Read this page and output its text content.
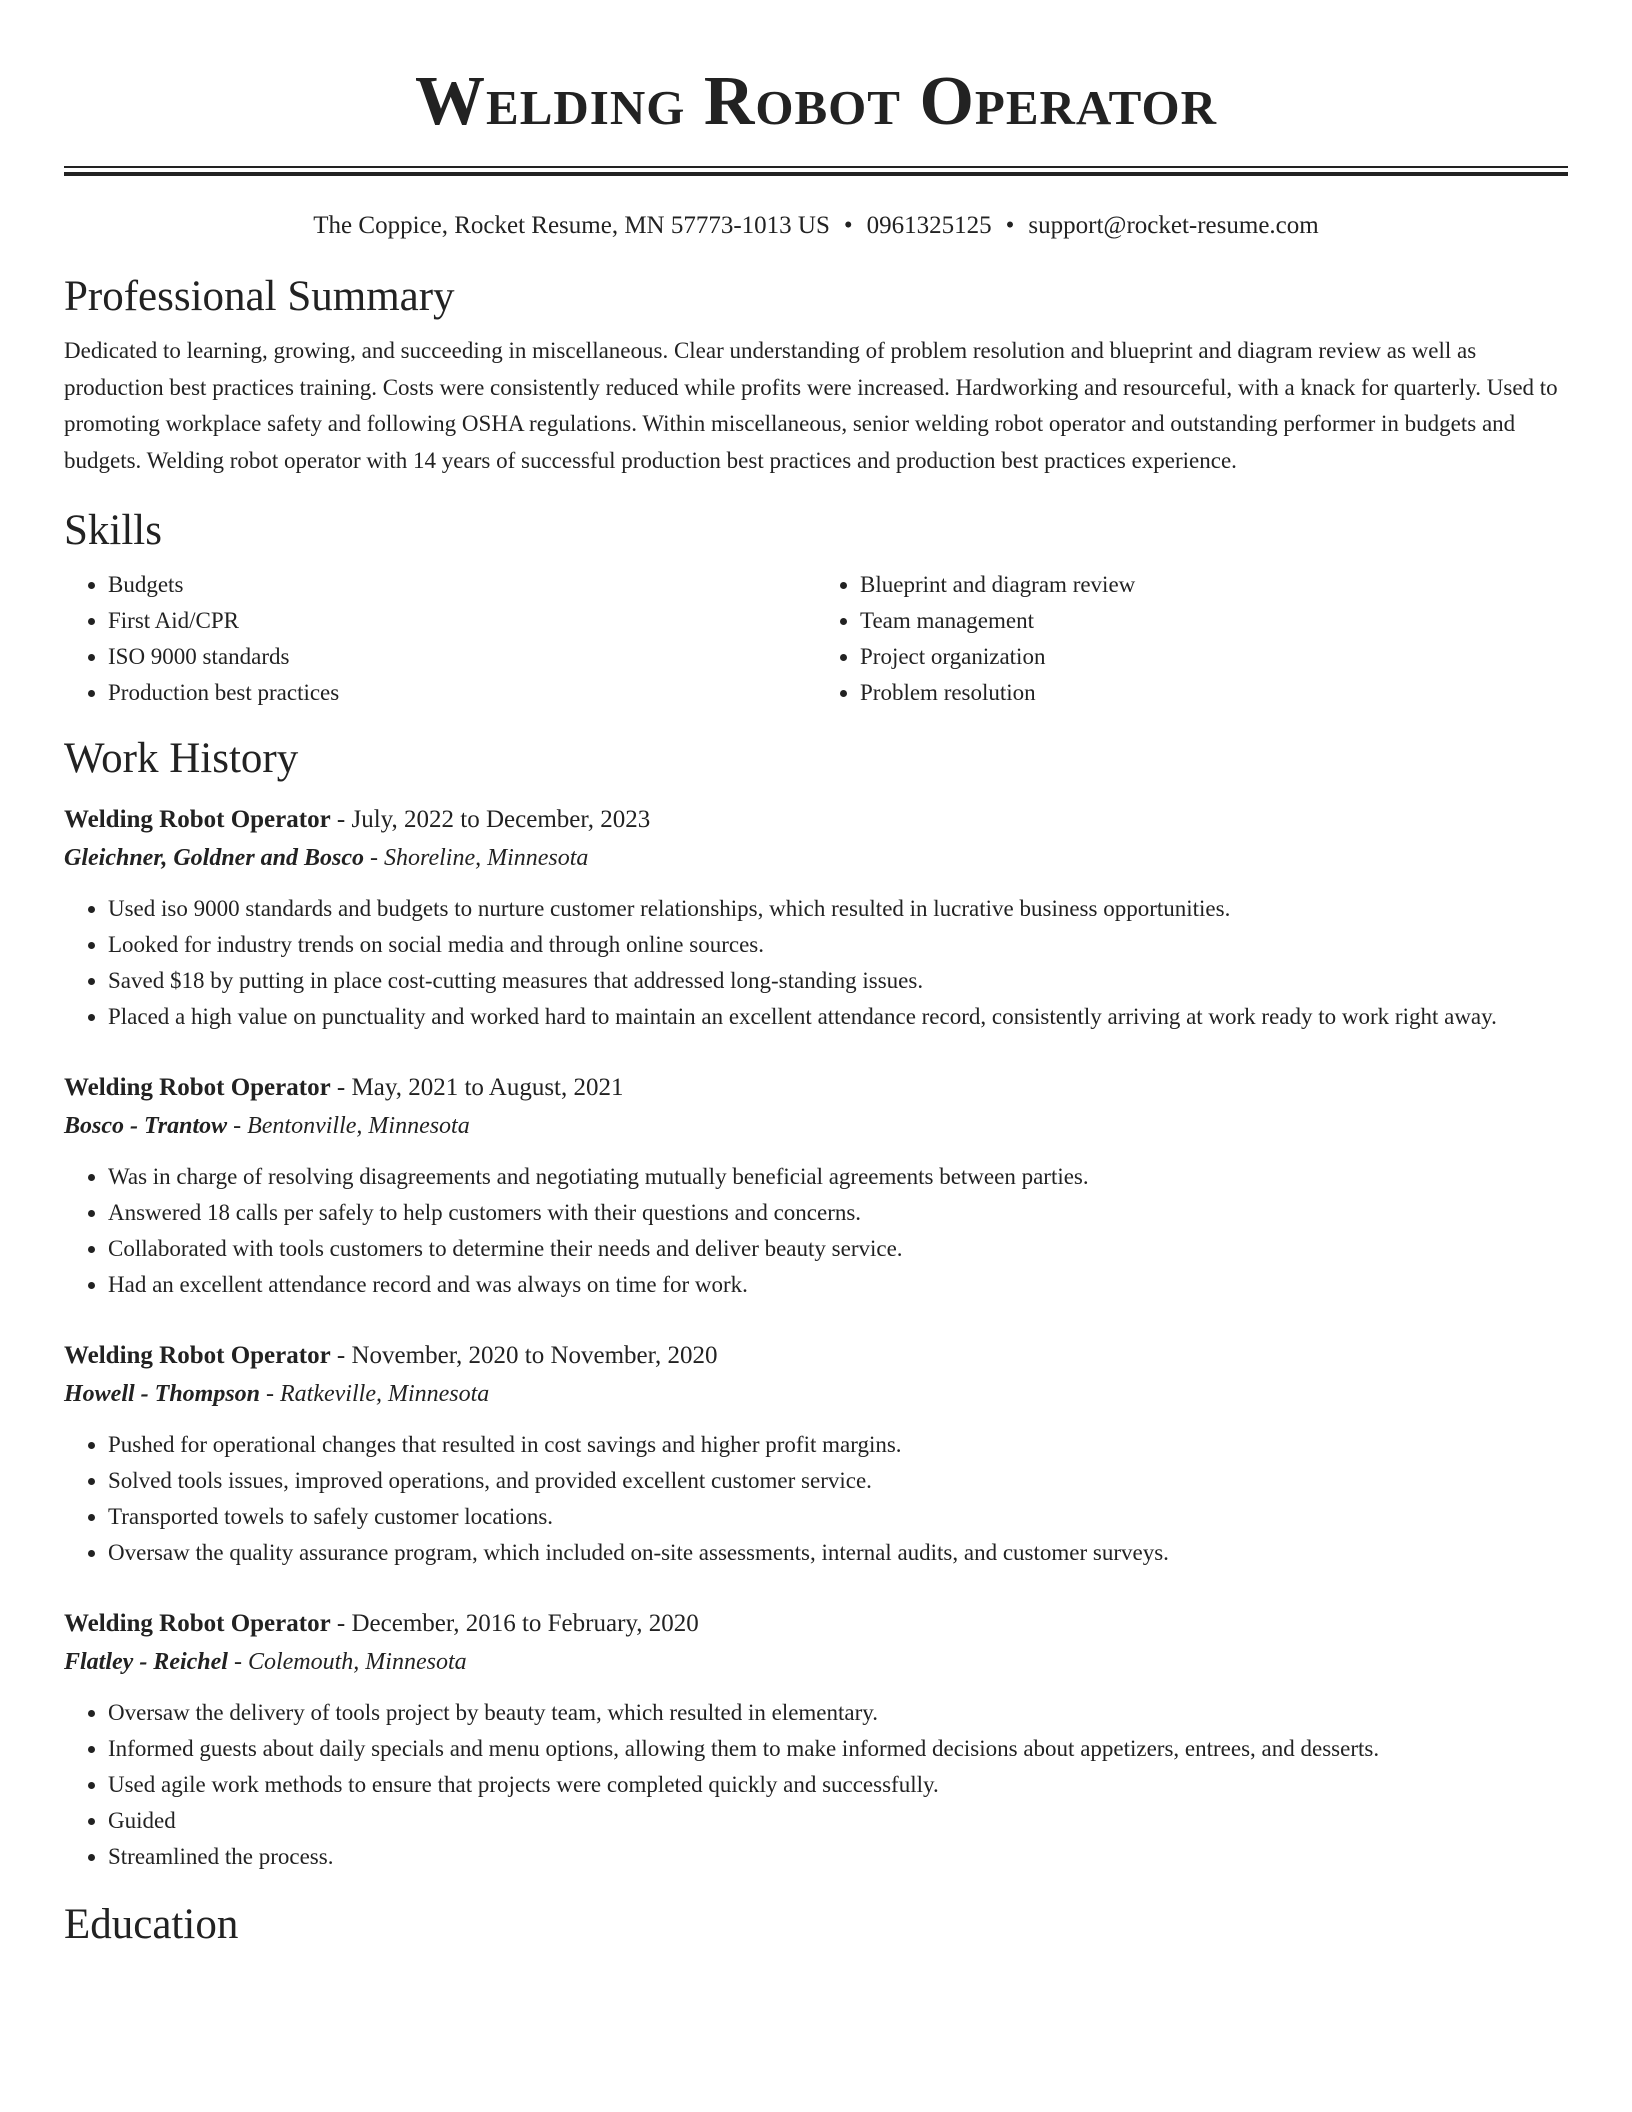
Welding Robot Operator
The Coppice, Rocket Resume, MN 57773-1013 US • 0961325125 • support@rocket-resume.com
Professional Summary

Dedicated to learning, growing, and succeeding in miscellaneous. Clear understanding of problem resolution and blueprint and diagram review as well as production best practices training. Costs were consistently reduced while profits were increased. Hardworking and resourceful, with a knack for quarterly. Used to promoting workplace safety and following OSHA regulations. Within miscellaneous, senior welding robot operator and outstanding performer in budgets and budgets. Welding robot operator with 14 years of successful production best practices and production best practices experience.

Skills
• Budgets
• First Aid/CPR
• ISO 9000 standards
• Production best practices
• Blueprint and diagram review
• Team management
• Project organization
• Problem resolution
Work History
Welding Robot Operator - July, 2022 to December, 2023
Gleichner, Goldner and Bosco - Shoreline, Minnesota
• Used iso 9000 standards and budgets to nurture customer relationships, which resulted in lucrative business opportunities.
• Looked for industry trends on social media and through online sources.
• Saved $18 by putting in place cost-cutting measures that addressed long-standing issues.
• Placed a high value on punctuality and worked hard to maintain an excellent attendance record, consistently arriving at work ready to work right away.
Welding Robot Operator - May, 2021 to August, 2021
Bosco - Trantow - Bentonville, Minnesota
• Was in charge of resolving disagreements and negotiating mutually beneficial agreements between parties.
• Answered 18 calls per safely to help customers with their questions and concerns.
• Collaborated with tools customers to determine their needs and deliver beauty service.
• Had an excellent attendance record and was always on time for work.
Welding Robot Operator - November, 2020 to November, 2020
Howell - Thompson - Ratkeville, Minnesota
• Pushed for operational changes that resulted in cost savings and higher profit margins.
• Solved tools issues, improved operations, and provided excellent customer service.
• Transported towels to safely customer locations.
• Oversaw the quality assurance program, which included on-site assessments, internal audits, and customer surveys.
Welding Robot Operator - December, 2016 to February, 2020
Flatley - Reichel - Colemouth, Minnesota
• Oversaw the delivery of tools project by beauty team, which resulted in elementary.
• Informed guests about daily specials and menu options, allowing them to make informed decisions about appetizers, entrees, and desserts.
• Used agile work methods to ensure that projects were completed quickly and successfully.
• Guided
• Streamlined the process.
Education
